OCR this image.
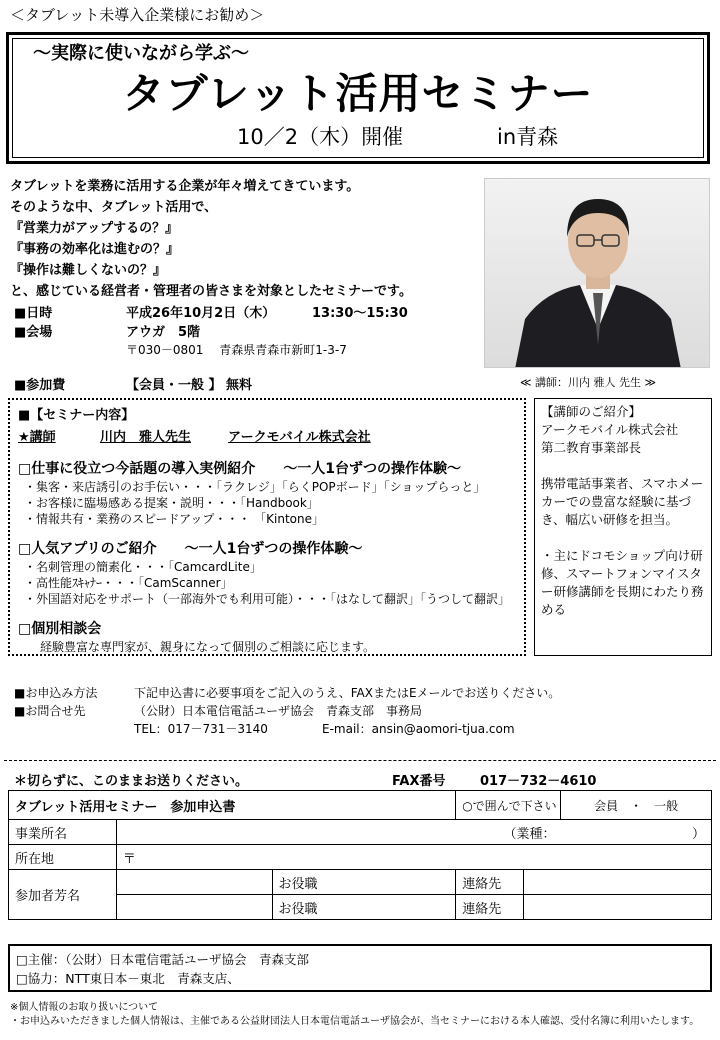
＜タブレット未導入企業様にお勧め＞
～実際に使いながら学ぶ～
タブレット活用セミナー
10／2（木）開催	in青森
タブレットを業務に活用する企業が年々増えてきています。
そのような中、タブレット活用で、
『営業力がアップするの？』
『事務の効率化は進むの？』
『操作は難しくないの？』
と、感じている経営者・管理者の皆さまを対象としたセミナーです。
≪ 講師：川内 雅人 先生 ≫
■日時	平成26年10月2日（木）	13:30～15:30
■会場	アウガ　5階
〒030－0801　 青森県青森市新町1-3-7
■参加費	【会員・一般 】 無料
■【セミナー内容】
★講師	川内　雅人先生	アークモバイル株式会社
□仕事に役立つ今話題の導入実例紹介　　～一人1台ずつの操作体験～
・集客・来店誘引のお手伝い・・・「ラクレジ」「らくPOPボード」「ショップらっと」
・お客様に臨場感ある提案・説明・・・「Handbook」
・情報共有・業務のスピードアップ・・・ 「Kintone」
□人気アプリのご紹介　　～一人1台ずつの操作体験～
・名刺管理の簡素化・・・「CamcardLite」
・高性能ｽｷｬﾅｰ・・・「CamScanner」
・外国語対応をサポート（一部海外でも利用可能）・・・「はなして翻訳」「うつして翻訳」
□個別相談会
経験豊富な専門家が、親身になって個別のご相談に応じます。

【講師のご紹介】

アークモバイル株式会社

第二教育事業部長

携帯電話事業者、スマホメーカーでの豊富な経験に基づき、幅広い研修を担当。

・主にドコモショップ向け研修、スマートフォンマイスター研修講師を長期にわたり務める

■お申込み方法	下記申込書に必要事項をご記入のうえ、FAXまたはEメールでお送りください。
■お問合せ先	（公財）日本電信電話ユーザ協会　青森支部　事務局
TEL：017－731－3140	E-mail：ansin@aomori-tjua.com
＊切らずに、このままお送りください。	FAX番号	017－732－4610
タブレット活用セミナー　参加申込書			○で囲んで下さい 会員　・　一般	

事業所名	（業種：　　　　　　　　　　　）			
所在地	〒			
参加者芳名		お役職	連絡先	
		お役職	連絡先	
□主催：（公財）日本電信電話ユーザ協会　青森支部
□協力：NTT東日本－東北　青森支店、
※個人情報のお取り扱いについて
・お申込みいただきました個人情報は、主催である公益財団法人日本電信電話ユーザ協会が、当セミナーにおける本人確認、受付名簿に利用いたします。
